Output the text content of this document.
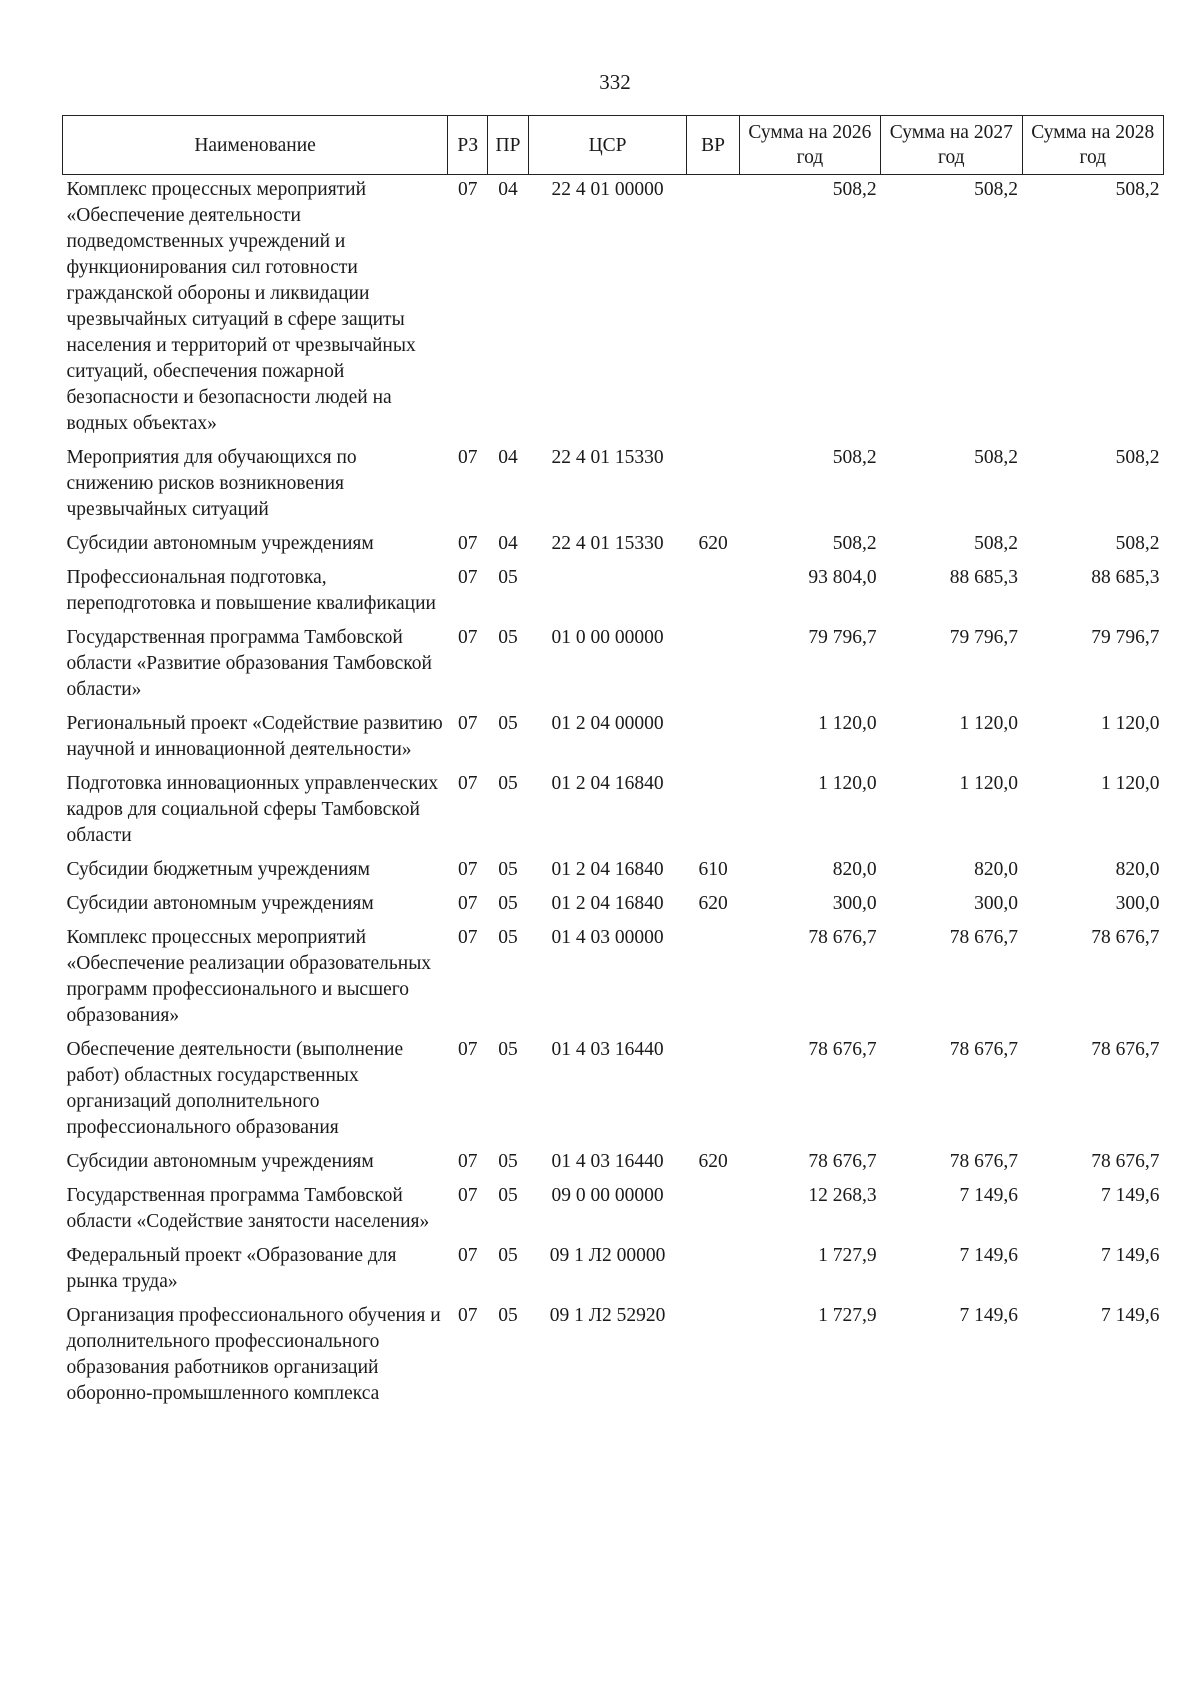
332
Наименование	РЗ	ПР	ЦСР	ВР	Сумма на 2026 год	Сумма на 2027 год	Сумма на 2028 год
Комплекс процессных мероприятий «Обеспечение деятельности подведомственных учреждений и функционирования сил готовности гражданской обороны и ликвидации чрезвычайных ситуаций в сфере защиты населения и территорий от чрезвычайных ситуаций, обеспечения пожарной безопасности и безопасности людей на водных объектах»	07	04	22 4 01 00000		508,2	508,2	508,2
Мероприятия для обучающихся по снижению рисков возникновения чрезвычайных ситуаций	07	04	22 4 01 15330		508,2	508,2	508,2
Субсидии автономным учреждениям	07	04	22 4 01 15330	620	508,2	508,2	508,2
Профессиональная подготовка, переподготовка и повышение квалификации	07	05			93 804,0	88 685,3	88 685,3
Государственная программа Тамбовской области «Развитие образования Тамбовской области»	07	05	01 0 00 00000		79 796,7	79 796,7	79 796,7
Региональный проект «Содействие развитию научной и инновационной деятельности»	07	05	01 2 04 00000		1 120,0	1 120,0	1 120,0
Подготовка инновационных управленческих кадров для социальной сферы Тамбовской области	07	05	01 2 04 16840		1 120,0	1 120,0	1 120,0
Субсидии бюджетным учреждениям	07	05	01 2 04 16840	610	820,0	820,0	820,0
Субсидии автономным учреждениям	07	05	01 2 04 16840	620	300,0	300,0	300,0
Комплекс процессных мероприятий «Обеспечение реализации образовательных программ профессионального и высшего образования»	07	05	01 4 03 00000		78 676,7	78 676,7	78 676,7
Обеспечение деятельности (выполнение работ) областных государственных организаций дополнительного профессионального образования	07	05	01 4 03 16440		78 676,7	78 676,7	78 676,7
Субсидии автономным учреждениям	07	05	01 4 03 16440	620	78 676,7	78 676,7	78 676,7
Государственная программа Тамбовской области «Содействие занятости населения»	07	05	09 0 00 00000		12 268,3	7 149,6	7 149,6
Федеральный проект «Образование для рынка труда»	07	05	09 1 Л2 00000		1 727,9	7 149,6	7 149,6
Организация профессионального обучения и дополнительного профессионального образования работников организаций оборонно-промышленного комплекса	07	05	09 1 Л2 52920		1 727,9	7 149,6	7 149,6
